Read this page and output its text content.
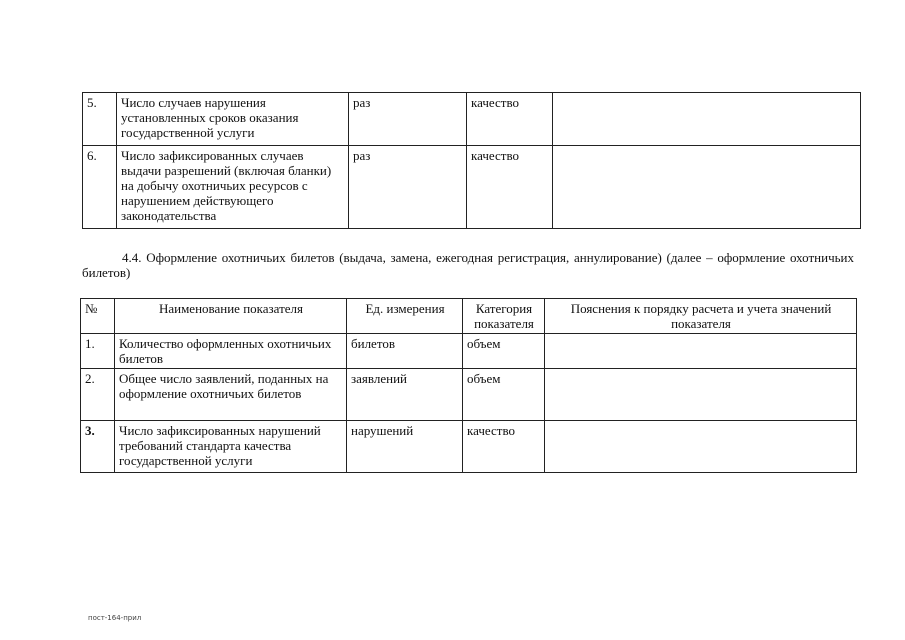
5.	Число случаев нарушения установленных сроков оказания государственной услуги	раз	качество	
6.	Число зафиксированных случаев выдачи разрешений (включая бланки) на добычу охотничьих ресурсов с нарушением действующего законодательства	раз	качество	

4.4. Оформление охотничьих билетов (выдача, замена, ежегодная регистрация, аннулирование) (далее – оформление охотничьих билетов)

№	Наименование показателя	Ед. измерения	Категория показателя	Пояснения к порядку расчета и учета значений показателя
1.	Количество оформленных охотничьих билетов	билетов	объем	
2.	Общее число заявлений, поданных на оформление охотничьих билетов	заявлений	объем	
3.	Число зафиксированных нарушений требований стандарта качества государственной услуги	нарушений	качество	
пост-164-прил
